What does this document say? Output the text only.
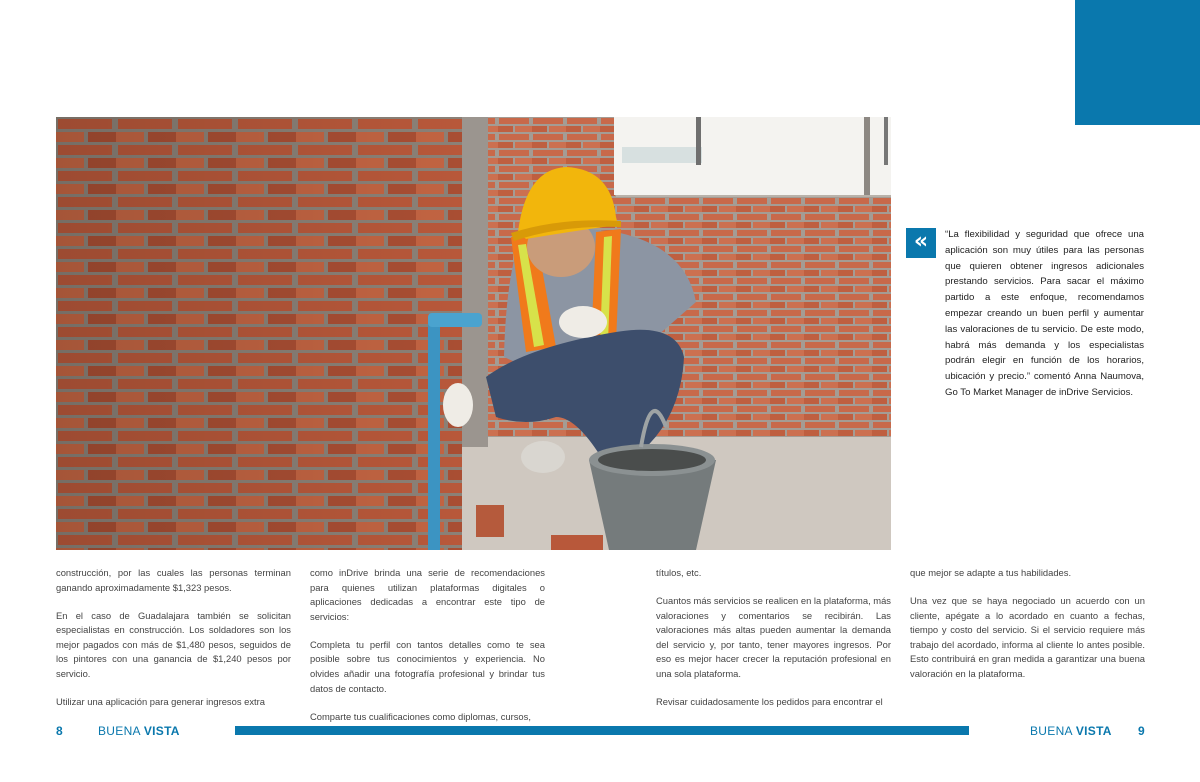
«	“La flexibilidad y seguridad que ofrece una aplicación son muy útiles para las personas que quieren obtener ingresos adicionales prestando servicios. Para sacar el máximo partido a este enfoque, recomendamos empezar creando un buen perfil y aumentar las valoraciones de tu servicio. De este modo, habrá más demanda y los especialistas podrán elegir en función de los horarios, ubicación y precio.” comentó Anna Naumova, Go To Market Manager de inDrive Servicios.

construcción, por las cuales las personas terminan ganando aproximadamente $1,323 pesos.

En el caso de Guadalajara también se solicitan especialistas en construcción. Los soldadores son los mejor pagados con más de $1,480 pesos, seguidos de los pintores con una ganancia de $1,240 pesos por servicio.

Utilizar una aplicación para generar ingresos extra

como inDrive brinda una serie de recomendaciones para quienes utilizan plataformas digitales o aplicaciones dedicadas a encontrar este tipo de servicios:

Completa tu perfil con tantos detalles como te sea posible sobre tus conocimientos y experiencia. No olvides añadir una fotografía profesional y brindar tus datos de contacto.

Comparte tus cualificaciones como diplomas, cursos,

títulos, etc.

Cuantos más servicios se realicen en la plataforma, más valoraciones y comentarios se recibirán. Las valoraciones más altas pueden aumentar la demanda del servicio y, por tanto, tener mayores ingresos. Por eso es mejor hacer crecer la reputación profesional en una sola plataforma.

Revisar cuidadosamente los pedidos para encontrar el

que mejor se adapte a tus habilidades.

Una vez que se haya negociado un acuerdo con un cliente, apégate a lo acordado en cuanto a fechas, tiempo y costo del servicio. Si el servicio requiere más trabajo del acordado, informa al cliente lo antes posible. Esto contribuirá en gran medida a garantizar una buena valoración en la plataforma.

8	BUENA VISTA	BUENA VISTA 9
